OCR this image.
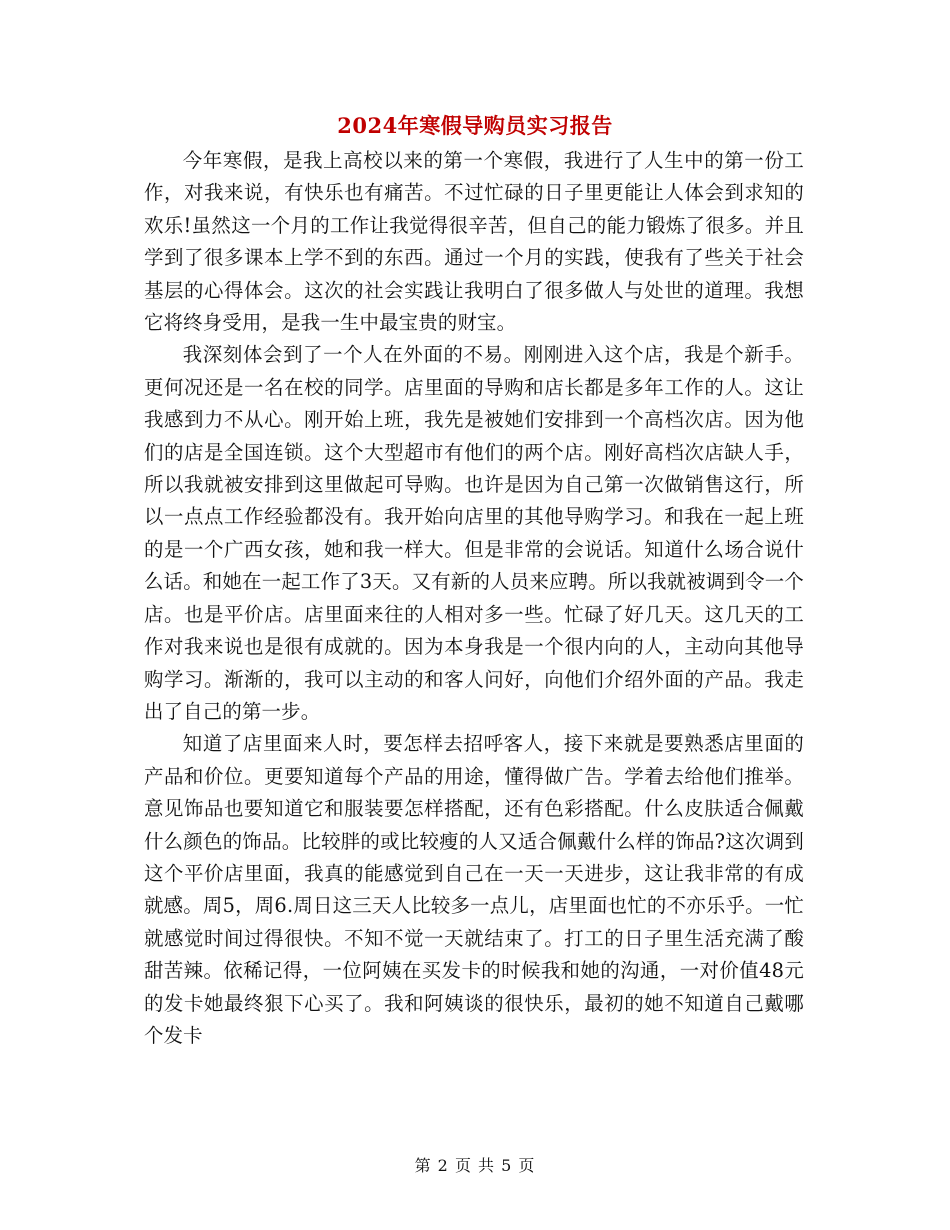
2024年寒假导购员实习报告

今年寒假，是我上高校以来的第一个寒假，我进行了人生中的第一份工作，对我来说，有快乐也有痛苦。不过忙碌的日子里更能让人体会到求知的欢乐!虽然这一个月的工作让我觉得很辛苦，但自己的能力锻炼了很多。并且学到了很多课本上学不到的东西。通过一个月的实践，使我有了些关于社会基层的心得体会。这次的社会实践让我明白了很多做人与处世的道理。我想它将终身受用，是我一生中最宝贵的财宝。

我深刻体会到了一个人在外面的不易。刚刚进入这个店，我是个新手。更何况还是一名在校的同学。店里面的导购和店长都是多年工作的人。这让我感到力不从心。刚开始上班，我先是被她们安排到一个高档次店。因为他们的店是全国连锁。这个大型超市有他们的两个店。刚好高档次店缺人手，所以我就被安排到这里做起可导购。也许是因为自己第一次做销售这行，所以一点点工作经验都没有。我开始向店里的其他导购学习。和我在一起上班的是一个广西女孩，她和我一样大。但是非常的会说话。知道什么场合说什么话。和她在一起工作了3天。又有新的人员来应聘。所以我就被调到令一个店。也是平价店。店里面来往的人相对多一些。忙碌了好几天。这几天的工作对我来说也是很有成就的。因为本身我是一个很内向的人，主动向其他导购学习。渐渐的，我可以主动的和客人问好，向他们介绍外面的产品。我走出了自己的第一步。

知道了店里面来人时，要怎样去招呼客人，接下来就是要熟悉店里面的产品和价位。更要知道每个产品的用途，懂得做广告。学着去给他们推举。意见饰品也要知道它和服装要怎样搭配，还有色彩搭配。什么皮肤适合佩戴什么颜色的饰品。比较胖的或比较瘦的人又适合佩戴什么样的饰品?这次调到这个平价店里面，我真的能感觉到自己在一天一天进步，这让我非常的有成就感。周5，周6.周日这三天人比较多一点儿，店里面也忙的不亦乐乎。一忙就感觉时间过得很快。不知不觉一天就结束了。打工的日子里生活充满了酸甜苦辣。依稀记得，一位阿姨在买发卡的时候我和她的沟通，一对价值48元的发卡她最终狠下心买了。我和阿姨谈的很快乐，最初的她不知道自己戴哪个发卡

第 2 页 共 5 页
